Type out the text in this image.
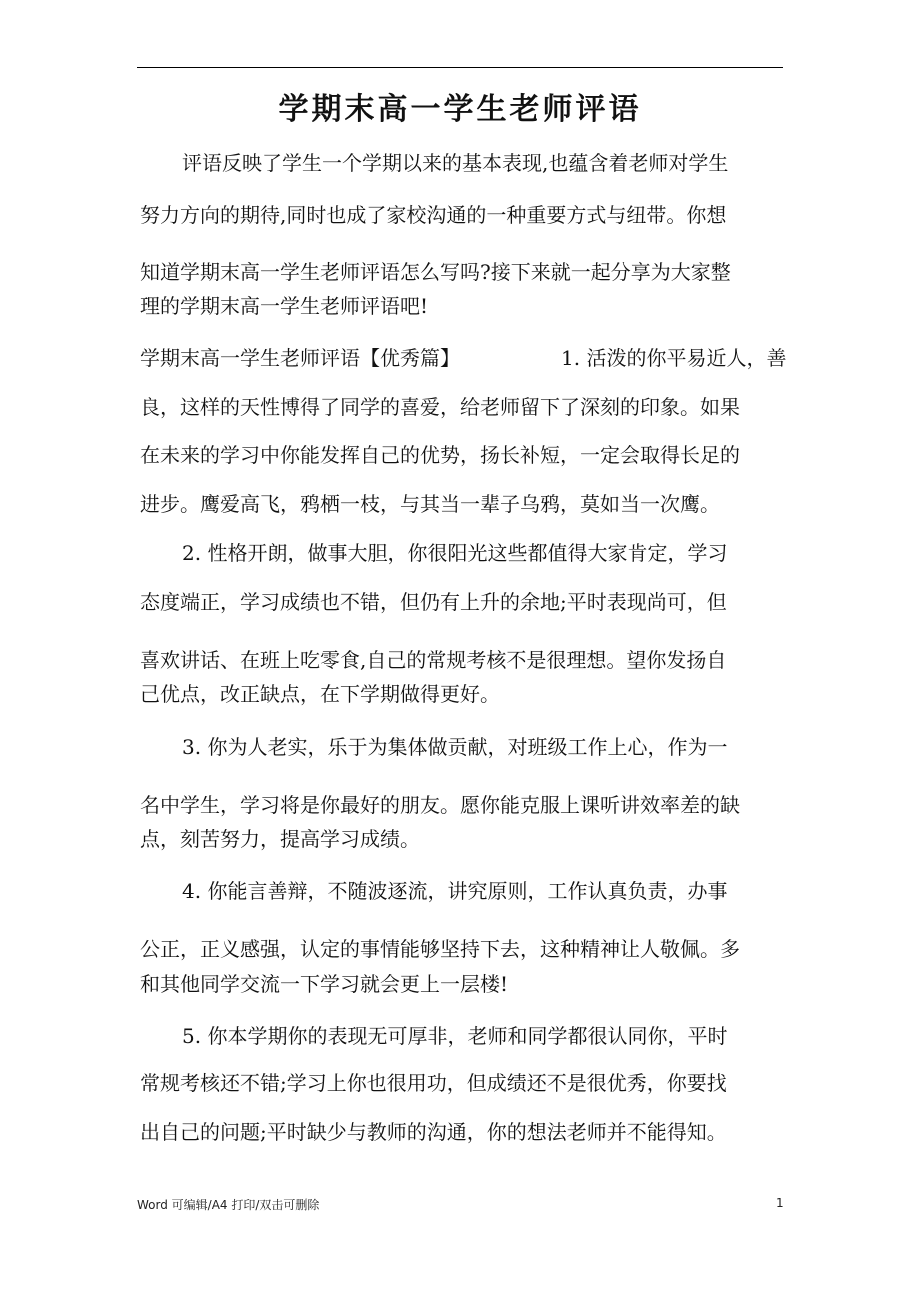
学期末高一学生老师评语
评语反映了学生一个学期以来的基本表现,也蕴含着老师对学生
努力方向的期待,同时也成了家校沟通的一种重要方式与纽带。你想
知道学期末高一学生老师评语怎么写吗?接下来就一起分享为大家整
理的学期末高一学生老师评语吧!
学期末高一学生老师评语【优秀篇】	1. 活泼的你平易近人，善
良，这样的天性博得了同学的喜爱，给老师留下了深刻的印象。如果
在未来的学习中你能发挥自己的优势，扬长补短，一定会取得长足的
进步。鹰爱高飞，鸦栖一枝，与其当一辈子乌鸦，莫如当一次鹰。
2. 性格开朗，做事大胆，你很阳光这些都值得大家肯定，学习
态度端正，学习成绩也不错，但仍有上升的余地;平时表现尚可，但
喜欢讲话、在班上吃零食,自己的常规考核不是很理想。望你发扬自
己优点，改正缺点，在下学期做得更好。
3. 你为人老实，乐于为集体做贡献，对班级工作上心，作为一
名中学生，学习将是你最好的朋友。愿你能克服上课听讲效率差的缺
点，刻苦努力，提高学习成绩。
4. 你能言善辩，不随波逐流，讲究原则，工作认真负责，办事
公正，正义感强，认定的事情能够坚持下去，这种精神让人敬佩。多
和其他同学交流一下学习就会更上一层楼!
5. 你本学期你的表现无可厚非，老师和同学都很认同你，平时
常规考核还不错;学习上你也很用功，但成绩还不是很优秀，你要找
出自己的问题;平时缺少与教师的沟通，你的想法老师并不能得知。
Word 可编辑/A4 打印/双击可删除	1
